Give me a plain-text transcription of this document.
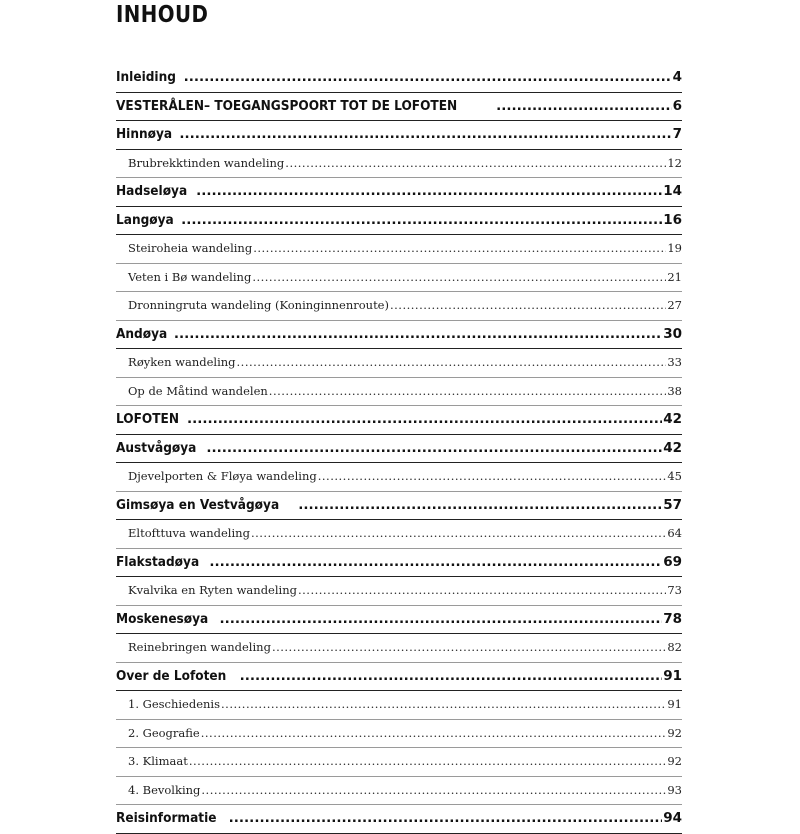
INHOUD
Inleiding .....	4
VESTERÅLEN– TOEGANGSPOORT TOT DE LOFOTEN .....	6
Hinnøya .....	7
Brubrekktinden wandeling .....	12
Hadseløya .....	14
Langøya .....	16
Steiroheia wandeling .....	19
Veten i Bø wandeling .....	21
Dronningruta wandeling (Koninginnenroute) .....	27
Andøya .....	30
Røyken wandeling .....	33
Op de Måtind wandelen .....	38
LOFOTEN .....	42
Austvågøya .....	42
Djevelporten & Fløya wandeling .....	45
Gimsøya en Vestvågøya .....	57
Eltofttuva wandeling .....	64
Flakstadøya .....	69
Kvalvika en Ryten wandeling .....	73
Moskenesøya .....	78
Reinebringen wandeling .....	82
Over de Lofoten .....	91
1. Geschiedenis .....	91
2. Geografie .....	92
3. Klimaat .....	92
4. Bevolking .....	93
Reisinformatie .....	94
